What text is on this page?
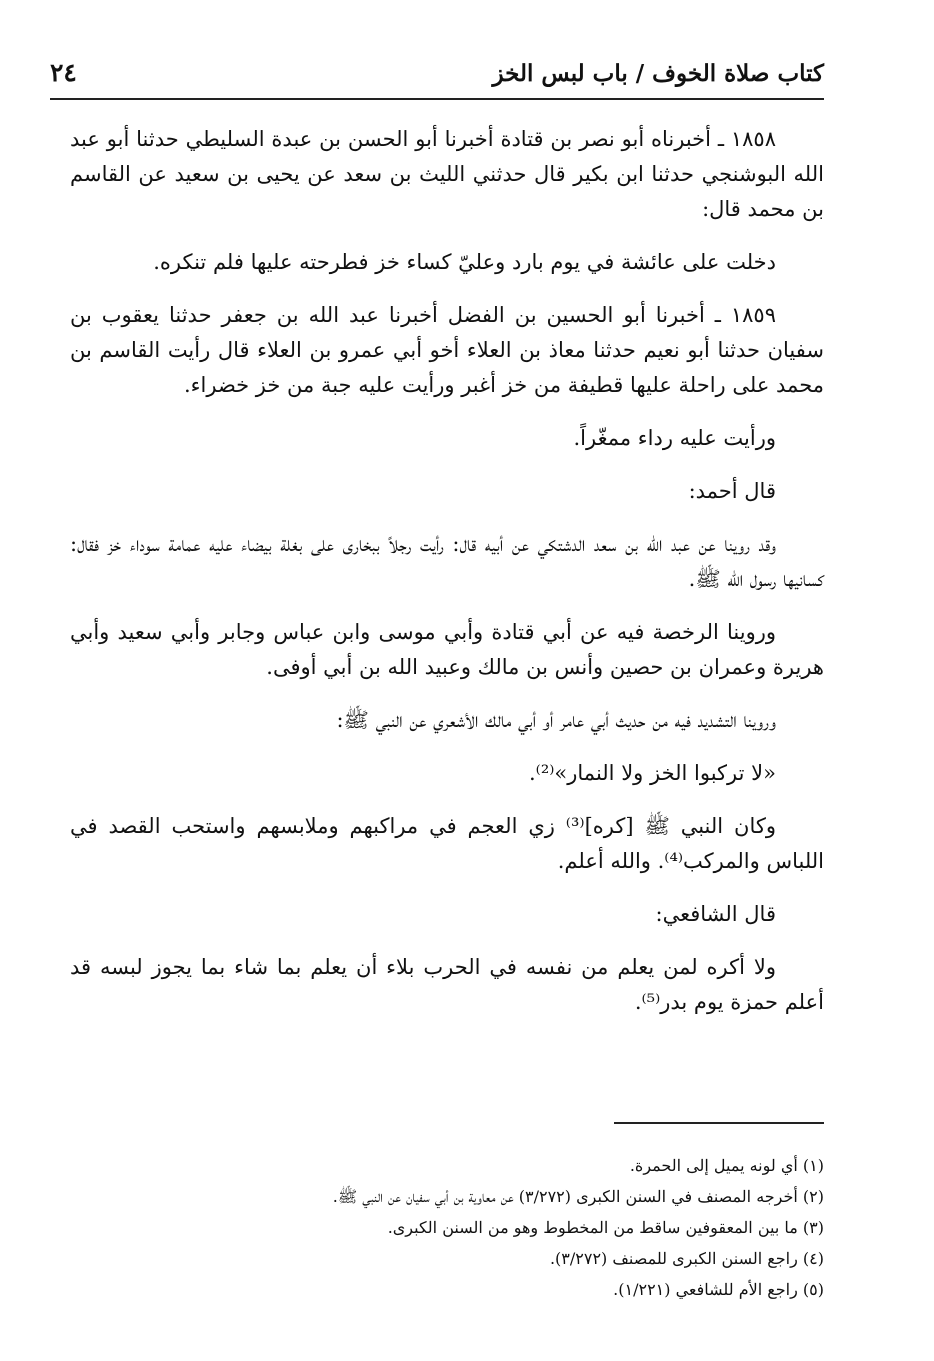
كتاب صلاة الخوف / باب لبس الخز
٢٤

١٨٥٨ ـ أخبرناه أبو نصر بن قتادة أخبرنا أبو الحسن بن عبدة السليطي حدثنا أبو عبد الله البوشنجي حدثنا ابن بكير قال حدثني الليث بن سعد عن يحيى بن سعيد عن القاسم بن محمد قال:

دخلت على عائشة في يوم بارد وعليّ كساء خز فطرحته عليها فلم تنكره.

١٨٥٩ ـ أخبرنا أبو الحسين بن الفضل أخبرنا عبد الله بن جعفر حدثنا يعقوب بن سفيان حدثنا أبو نعيم حدثنا معاذ بن العلاء أخو أبي عمرو بن العلاء قال رأيت القاسم بن محمد على راحلة عليها قطيفة من خز أغبر ورأيت عليه جبة من خز خضراء.

ورأيت عليه رداء ممغّراً.

قال أحمد:

وقد روينا عن عبد الله بن سعد الدشتكي عن أبيه قال: رأيت رجلاً ببخارى على بغلة بيضاء عليه عمامة سوداء خز فقال: كسانيها رسول الله ﷺ.

وروينا الرخصة فيه عن أبي قتادة وأبي موسى وابن عباس وجابر وأبي سعيد وأبي هريرة وعمران بن حصين وأنس بن مالك وعبيد الله بن أبي أوفى.

وروينا التشديد فيه من حديث أبي عامر أو أبي مالك الأشعري عن النبي ﷺ:

«لا تركبوا الخز ولا النمار»⁽²⁾.

وكان النبي ﷺ [كره]⁽³⁾ زي العجم في مراكبهم وملابسهم واستحب القصد في اللباس والمركب⁽⁴⁾. والله أعلم.

قال الشافعي:

ولا أكره لمن يعلم من نفسه في الحرب بلاء أن يعلم بما شاء بما يجوز لبسه قد أعلم حمزة يوم بدر⁽⁵⁾.

(١) أي لونه يميل إلى الحمرة.

(٢) أخرجه المصنف في السنن الكبرى (٣/٢٧٢) عن معاوية بن أبي سفيان عن النبي ﷺ.

(٣) ما بين المعقوفين ساقط من المخطوط وهو من السنن الكبرى.

(٤) راجع السنن الكبرى للمصنف (٣/٢٧٢).

(٥) راجع الأم للشافعي (١/٢٢١).
